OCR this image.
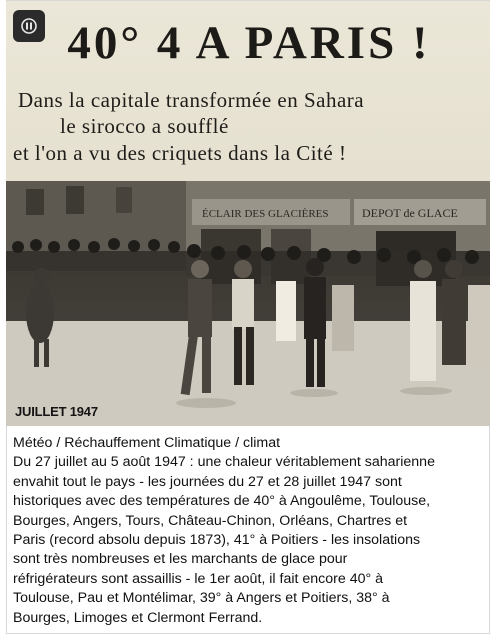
40° 4 A PARIS !
Dans la capitale transformée en Sahara
le sirocco a soufflé
et l'on a vu des criquets dans la Cité !
ÉCLAIR DES GLACIÈRES	DEPOT de GLACE
JUILLET 1947
Météo / Réchauffement Climatique / climat
Du 27 juillet au 5 août 1947 : une chaleur véritablement saharienne
envahit tout le pays - les journées du 27 et 28 juillet 1947 sont
historiques avec des températures de 40° à Angoulême, Toulouse,
Bourges, Angers, Tours, Château-Chinon, Orléans, Chartres et
Paris (record absolu depuis 1873), 41° à Poitiers - les insolations
sont très nombreuses et les marchants de glace pour
réfrigérateurs sont assaillis - le 1er août, il fait encore 40° à
Toulouse, Pau et Montélimar, 39° à Angers et Poitiers, 38° à
Bourges, Limoges et Clermont Ferrand.
